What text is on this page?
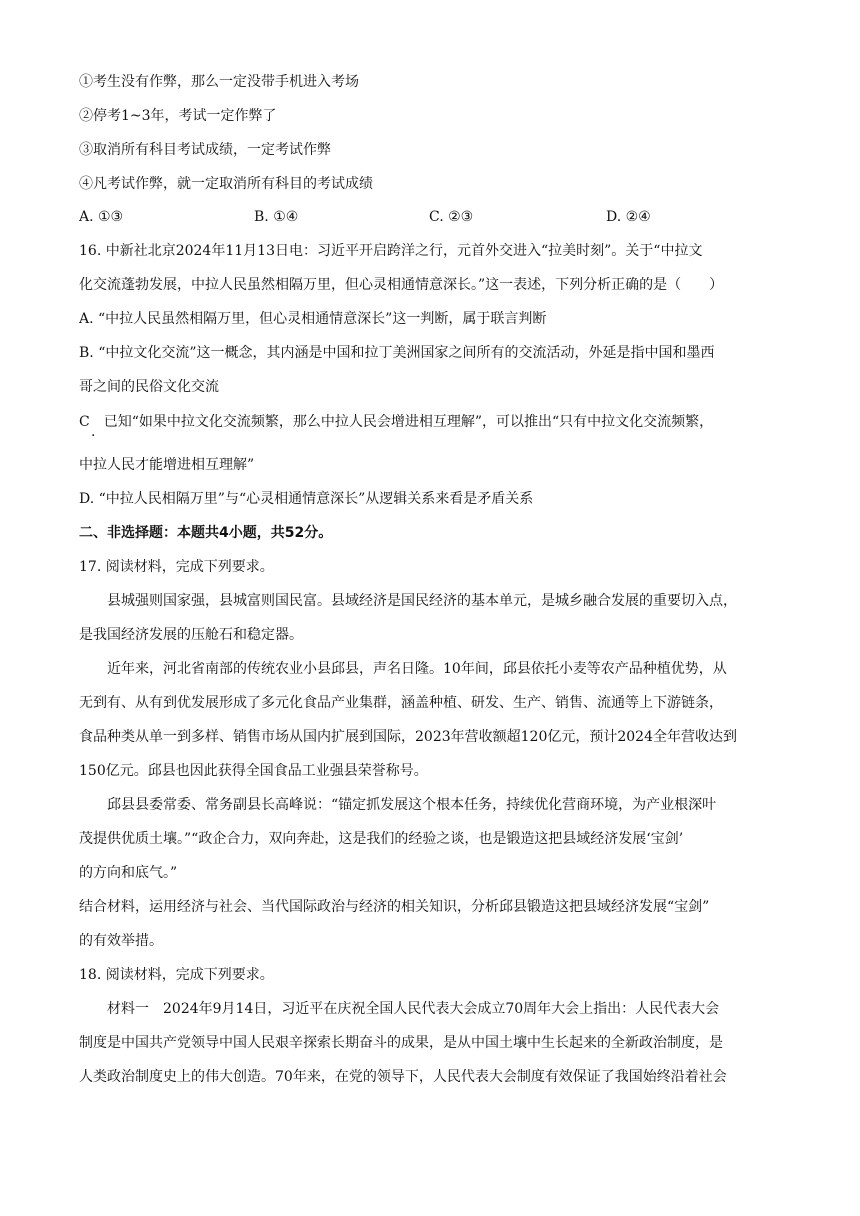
①考生没有作弊，那么一定没带手机进入考场
②停考1~3年，考试一定作弊了
③取消所有科目考试成绩，一定考试作弊
④凡考试作弊，就一定取消所有科目的考试成绩
A. ①③	B. ①④	C. ②③	D. ②④
16. 中新社北京2024年11月13日电：习近平开启跨洋之行，元首外交进入“拉美时刻”。关于“中拉文
化交流蓬勃发展，中拉人民虽然相隔万里，但心灵相通情意深长。”这一表述，下列分析正确的是（　　）
A. “中拉人民虽然相隔万里，但心灵相通情意深长”这一判断，属于联言判断
B. “中拉文化交流”这一概念，其内涵是中国和拉丁美洲国家之间所有的交流活动，外延是指中国和墨西
哥之间的民俗文化交流
C　已知“如果中拉文化交流频繁，那么中拉人民会增进相互理解”，可以推出“只有中拉文化交流频繁，
·
中拉人民才能增进相互理解”
D. “中拉人民相隔万里”与“心灵相通情意深长”从逻辑关系来看是矛盾关系
二、非选择题：本题共4小题，共52分。
17. 阅读材料，完成下列要求。
县城强则国家强，县城富则国民富。县域经济是国民经济的基本单元，是城乡融合发展的重要切入点，
是我国经济发展的压舱石和稳定器。
近年来，河北省南部的传统农业小县邱县，声名日隆。10年间，邱县依托小麦等农产品种植优势，从
无到有、从有到优发展形成了多元化食品产业集群，涵盖种植、研发、生产、销售、流通等上下游链条，
食品种类从单一到多样、销售市场从国内扩展到国际，2023年营收额超120亿元，预计2024全年营收达到
150亿元。邱县也因此获得全国食品工业强县荣誉称号。
邱县县委常委、常务副县长高峰说：“锚定抓发展这个根本任务，持续优化营商环境，为产业根深叶
茂提供优质土壤。”“政企合力，双向奔赴，这是我们的经验之谈，也是锻造这把县域经济发展‘宝剑’
的方向和底气。”
结合材料，运用经济与社会、当代国际政治与经济的相关知识，分析邱县锻造这把县域经济发展“宝剑”
的有效举措。
18. 阅读材料，完成下列要求。
材料一　2024年9月14日，习近平在庆祝全国人民代表大会成立70周年大会上指出：人民代表大会
制度是中国共产党领导中国人民艰辛探索长期奋斗的成果，是从中国土壤中生长起来的全新政治制度，是
人类政治制度史上的伟大创造。70年来，在党的领导下，人民代表大会制度有效保证了我国始终沿着社会
